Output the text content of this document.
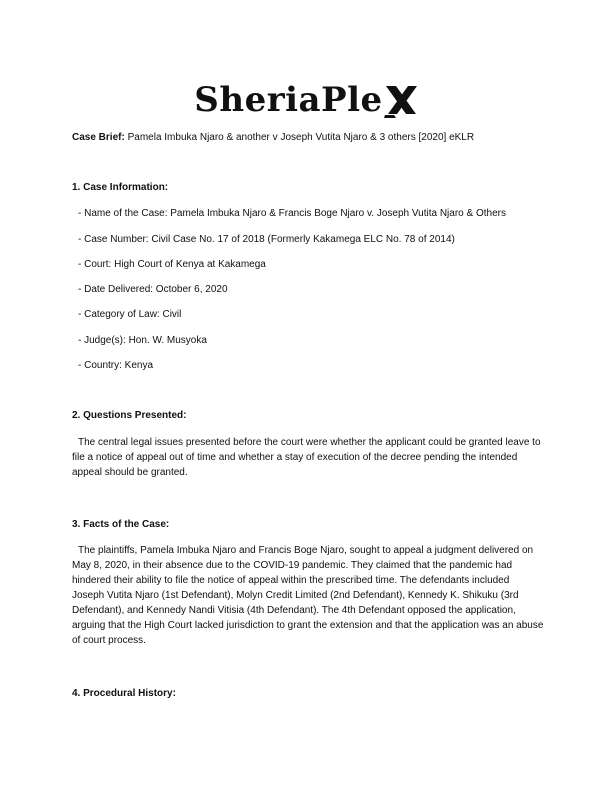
SheriaPle
Case Brief: Pamela Imbuka Njaro & another v Joseph Vutita Njaro & 3 others [2020] eKLR
1. Case Information:
- Name of the Case: Pamela Imbuka Njaro & Francis Boge Njaro v. Joseph Vutita Njaro & Others
- Case Number: Civil Case No. 17 of 2018 (Formerly Kakamega ELC No. 78 of 2014)
- Court: High Court of Kenya at Kakamega
- Date Delivered: October 6, 2020
- Category of Law: Civil
- Judge(s): Hon. W. Musyoka
- Country: Kenya
2. Questions Presented:
The central legal issues presented before the court were whether the applicant could be granted leave to file a notice of appeal out of time and whether a stay of execution of the decree pending the intended appeal should be granted.
3. Facts of the Case:
The plaintiffs, Pamela Imbuka Njaro and Francis Boge Njaro, sought to appeal a judgment delivered on May 8, 2020, in their absence due to the COVID-19 pandemic. They claimed that the pandemic had hindered their ability to file the notice of appeal within the prescribed time. The defendants included Joseph Vutita Njaro (1st Defendant), Molyn Credit Limited (2nd Defendant), Kennedy K. Shikuku (3rd Defendant), and Kennedy Nandi Vitisia (4th Defendant). The 4th Defendant opposed the application, arguing that the High Court lacked jurisdiction to grant the extension and that the application was an abuse of court process.
4. Procedural History:
